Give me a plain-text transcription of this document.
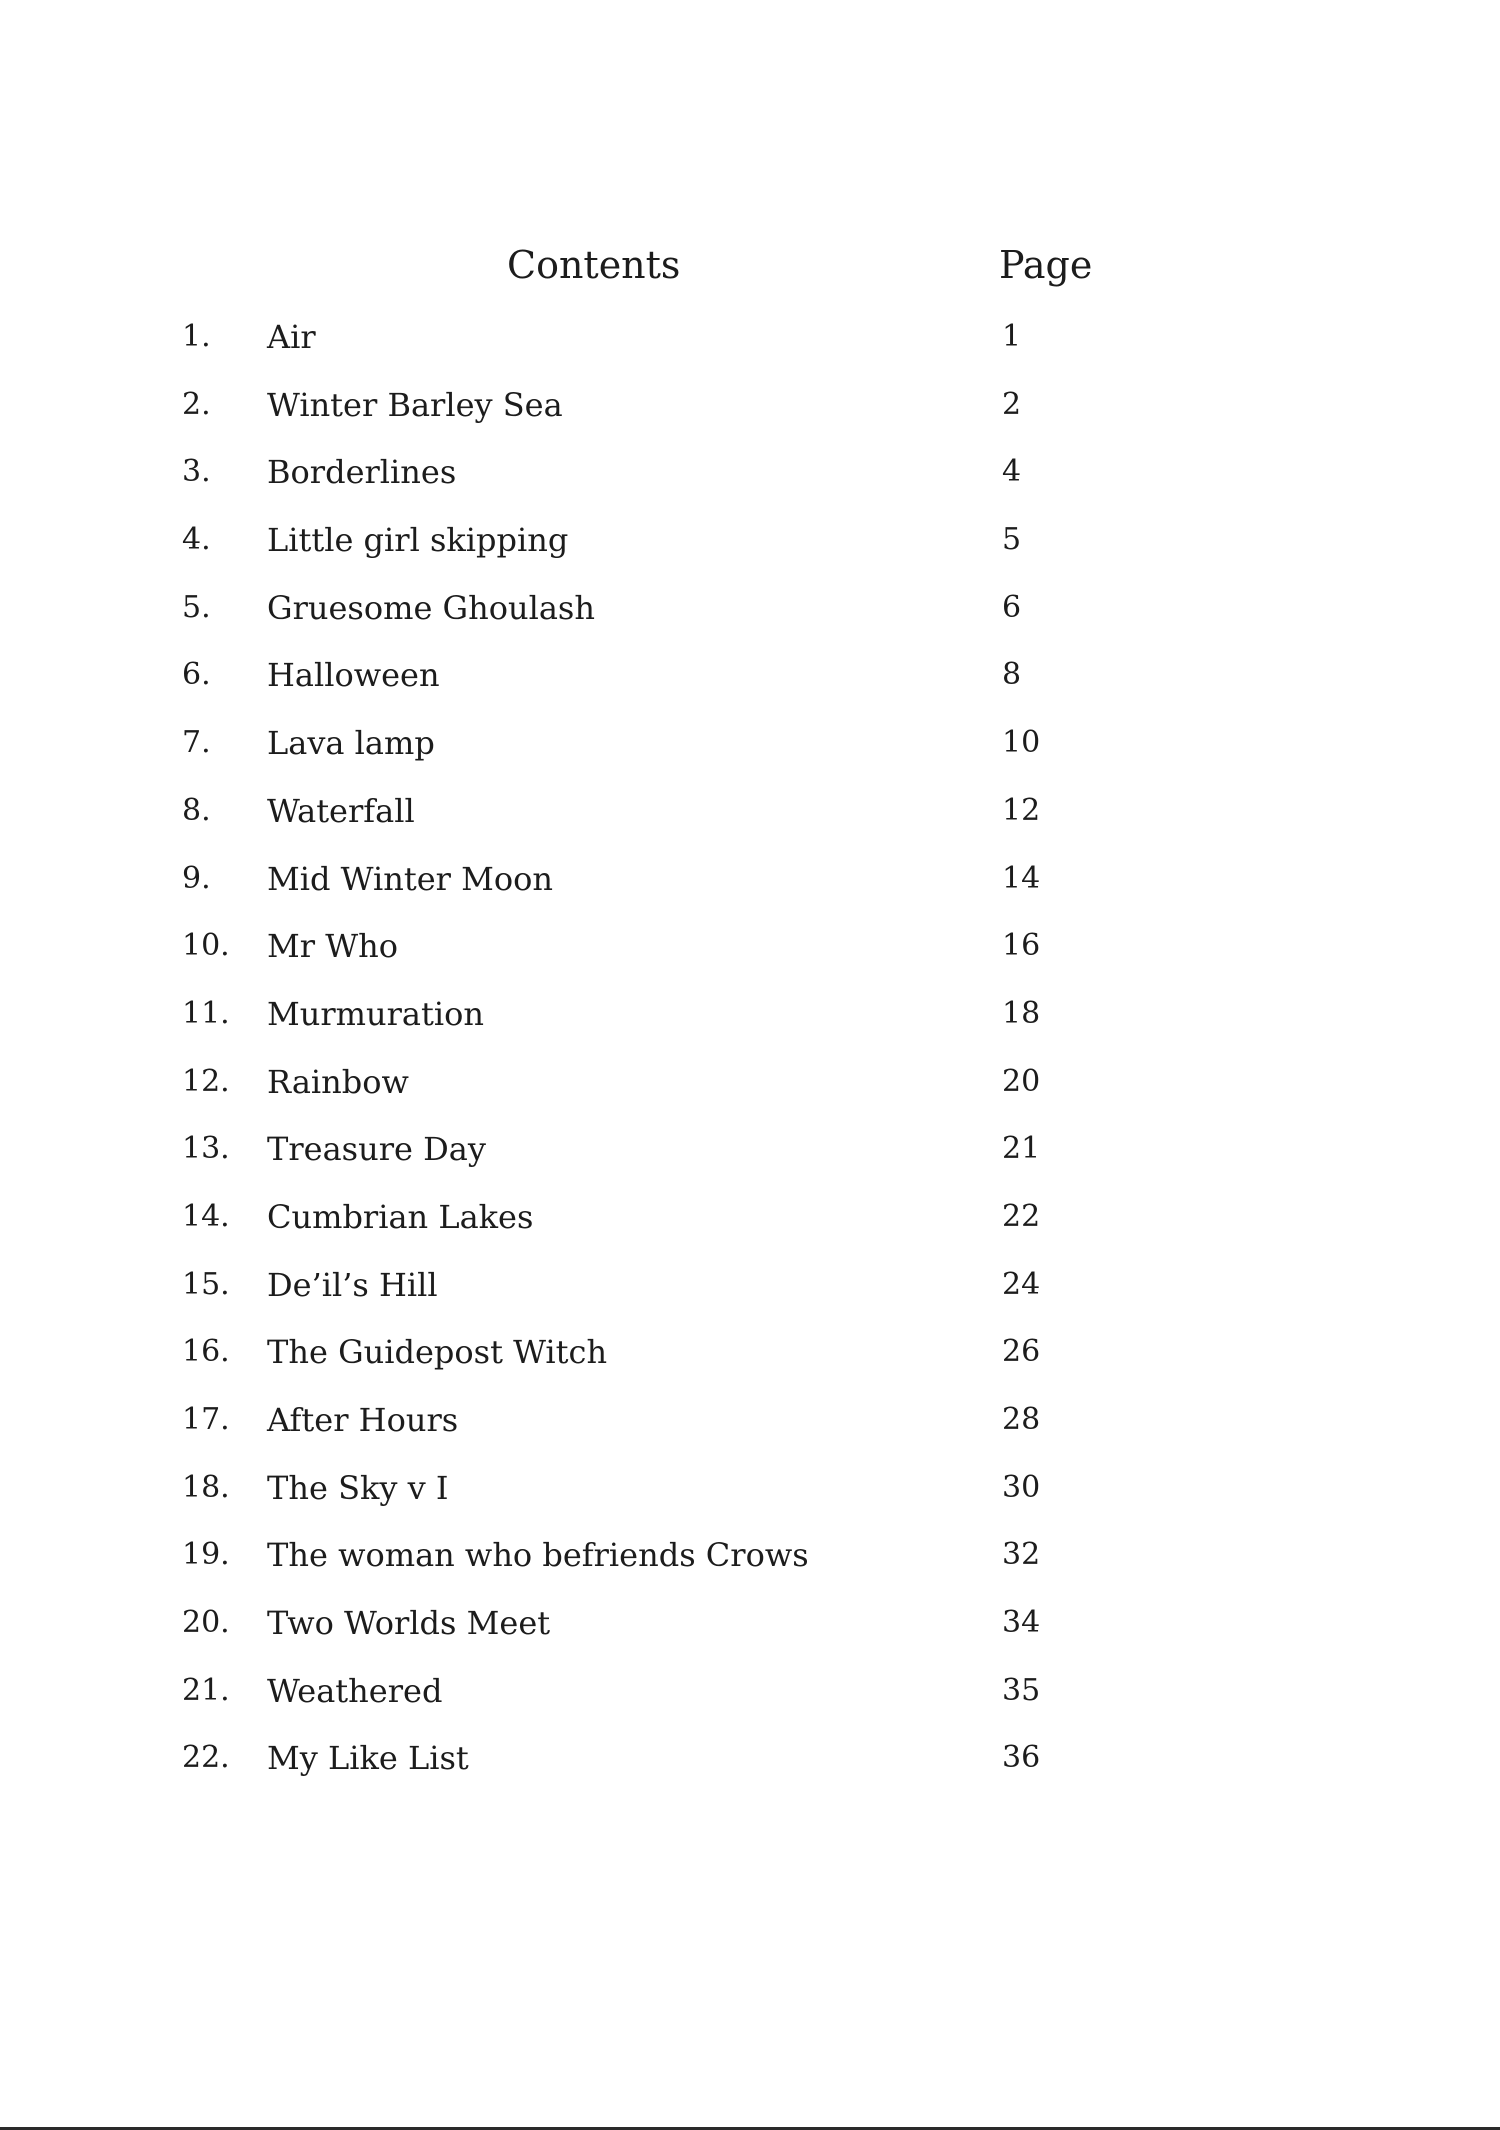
Contents	Page
1. Air	1
2. Winter Barley Sea	2
3. Borderlines	4
4. Little girl skipping	5
5. Gruesome Ghoulash	6
6. Halloween	8
7. Lava lamp	10
8. Waterfall	12
9. Mid Winter Moon	14
10. Mr Who	16
11. Murmuration	18
12. Rainbow	20
13. Treasure Day	21
14. Cumbrian Lakes	22
15. De’il’s Hill	24
16. The Guidepost Witch	26
17. After Hours	28
18. The Sky v I	30
19. The woman who befriends Crows	32
20. Two Worlds Meet	34
21. Weathered	35
22. My Like List	36
